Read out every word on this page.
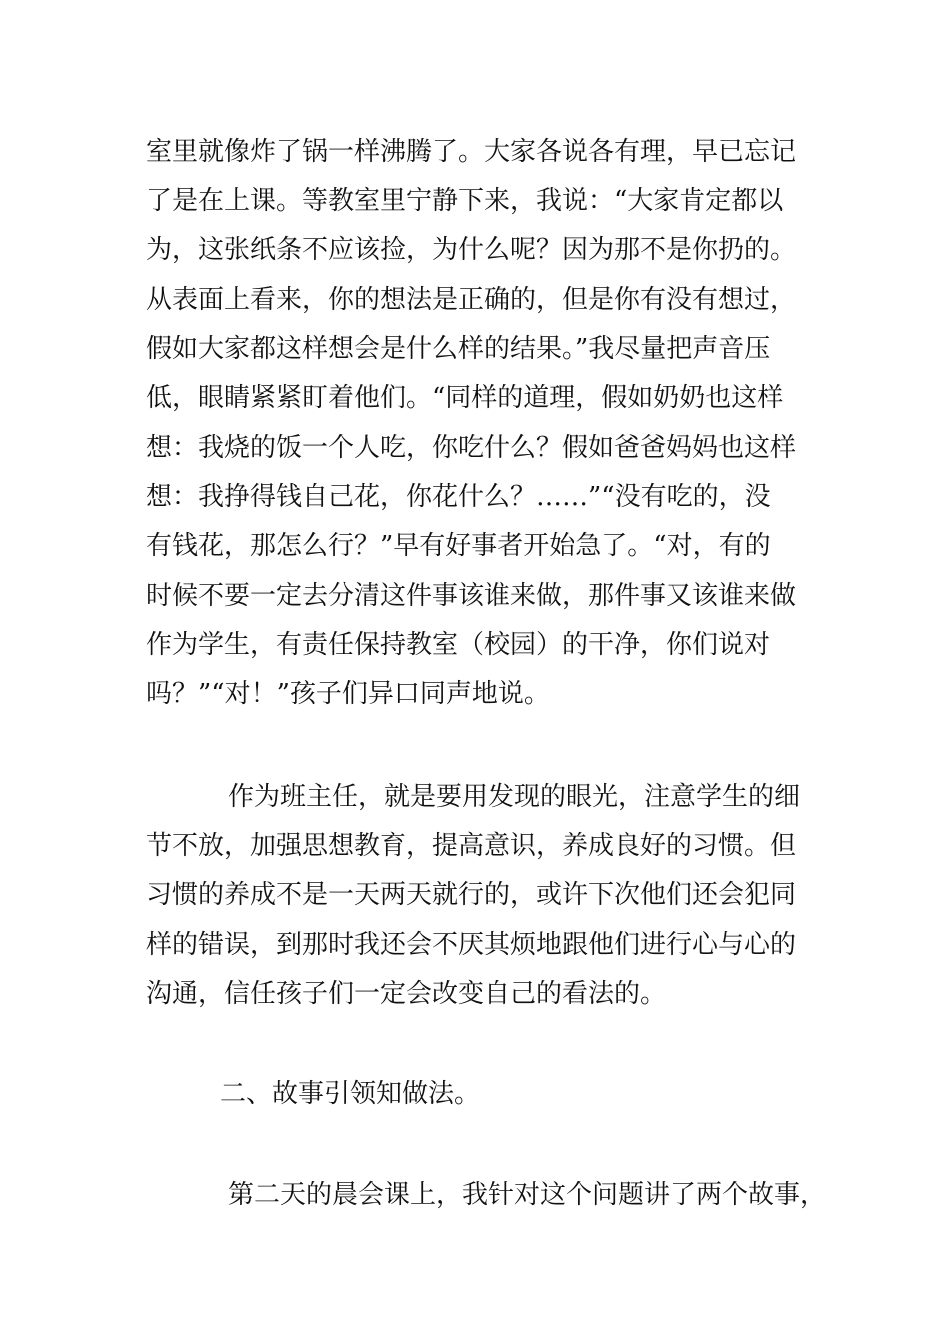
室里就像炸了锅一样沸腾了。大家各说各有理，早已忘记
了是在上课。等教室里宁静下来，我说：“大家肯定都以
为，这张纸条不应该捡，为什么呢？因为那不是你扔的。
从表面上看来，你的想法是正确的，但是你有没有想过，
假如大家都这样想会是什么样的结果。”我尽量把声音压
低，眼睛紧紧盯着他们。“同样的道理，假如奶奶也这样
想：我烧的饭一个人吃，你吃什么？假如爸爸妈妈也这样
想：我挣得钱自己花，你花什么？……”“没有吃的，没
有钱花，那怎么行？”早有好事者开始急了。“对，有的
时候不要一定去分清这件事该谁来做，那件事又该谁来做
作为学生，有责任保持教室（校园）的干净，你们说对
吗？”“对！”孩子们异口同声地说。
作为班主任，就是要用发现的眼光，注意学生的细
节不放，加强思想教育，提高意识，养成良好的习惯。但
习惯的养成不是一天两天就行的，或许下次他们还会犯同
样的错误，到那时我还会不厌其烦地跟他们进行心与心的
沟通，信任孩子们一定会改变自己的看法的。
二、故事引领知做法。
第二天的晨会课上，我针对这个问题讲了两个故事，
